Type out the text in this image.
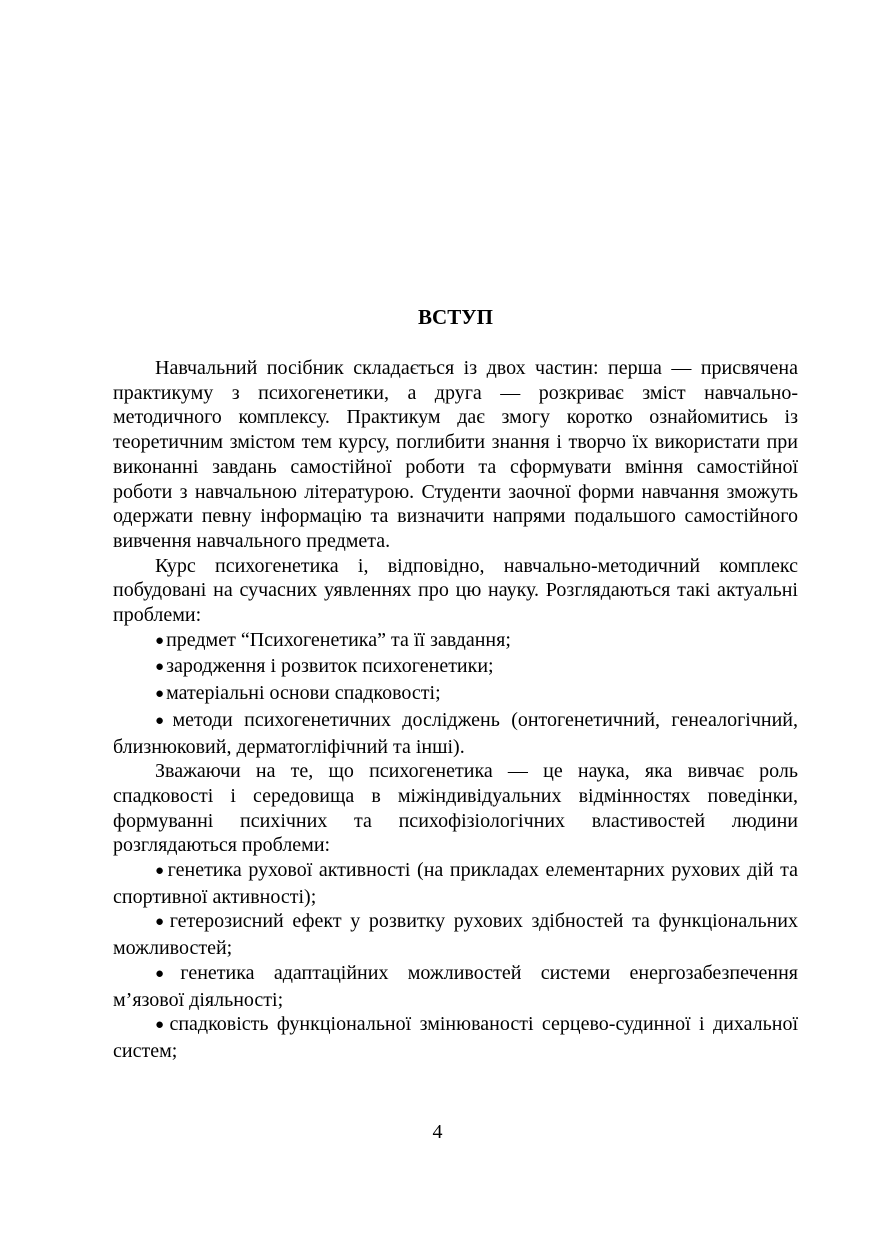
ВСТУП

Навчальний посібник складається із двох частин: перша — присвячена практикуму з психогенетики, а друга — розкриває зміст навчально-методичного комплексу. Практикум дає змогу коротко ознайомитись із теоретичним змістом тем курсу, поглибити знання і творчо їх використати при виконанні завдань самостійної роботи та сформувати вміння самостійної роботи з навчальною літературою. Студенти заочної форми навчання зможуть одержати певну інформацію та визначити напрями подальшого самостійного вивчення навчального предмета.

Курс психогенетика і, відповідно, навчально-методичний комплекс побудовані на сучасних уявленнях про цю науку. Розглядаються такі актуальні проблеми:

● предмет “Психогенетика” та її завдання;

● зародження і розвиток психогенетики;

● матеріальні основи спадковості;

● методи психогенетичних досліджень (онтогенетичний, генеалогічний, близнюковий, дерматогліфічний та інші).

Зважаючи на те, що психогенетика — це наука, яка вивчає роль спадковості і середовища в міжіндивідуальних відмінностях поведінки, формуванні психічних та психофізіологічних властивостей людини розглядаються проблеми:

● генетика рухової активності (на прикладах елементарних рухових дій та спортивної активності);

● гетерозисний ефект у розвитку рухових здібностей та функціональних можливостей;

● генетика адаптаційних можливостей системи енергозабезпечення м’язової діяльності;

● спадковість функціональної змінюваності серцево-судинної і дихальної систем;

4
